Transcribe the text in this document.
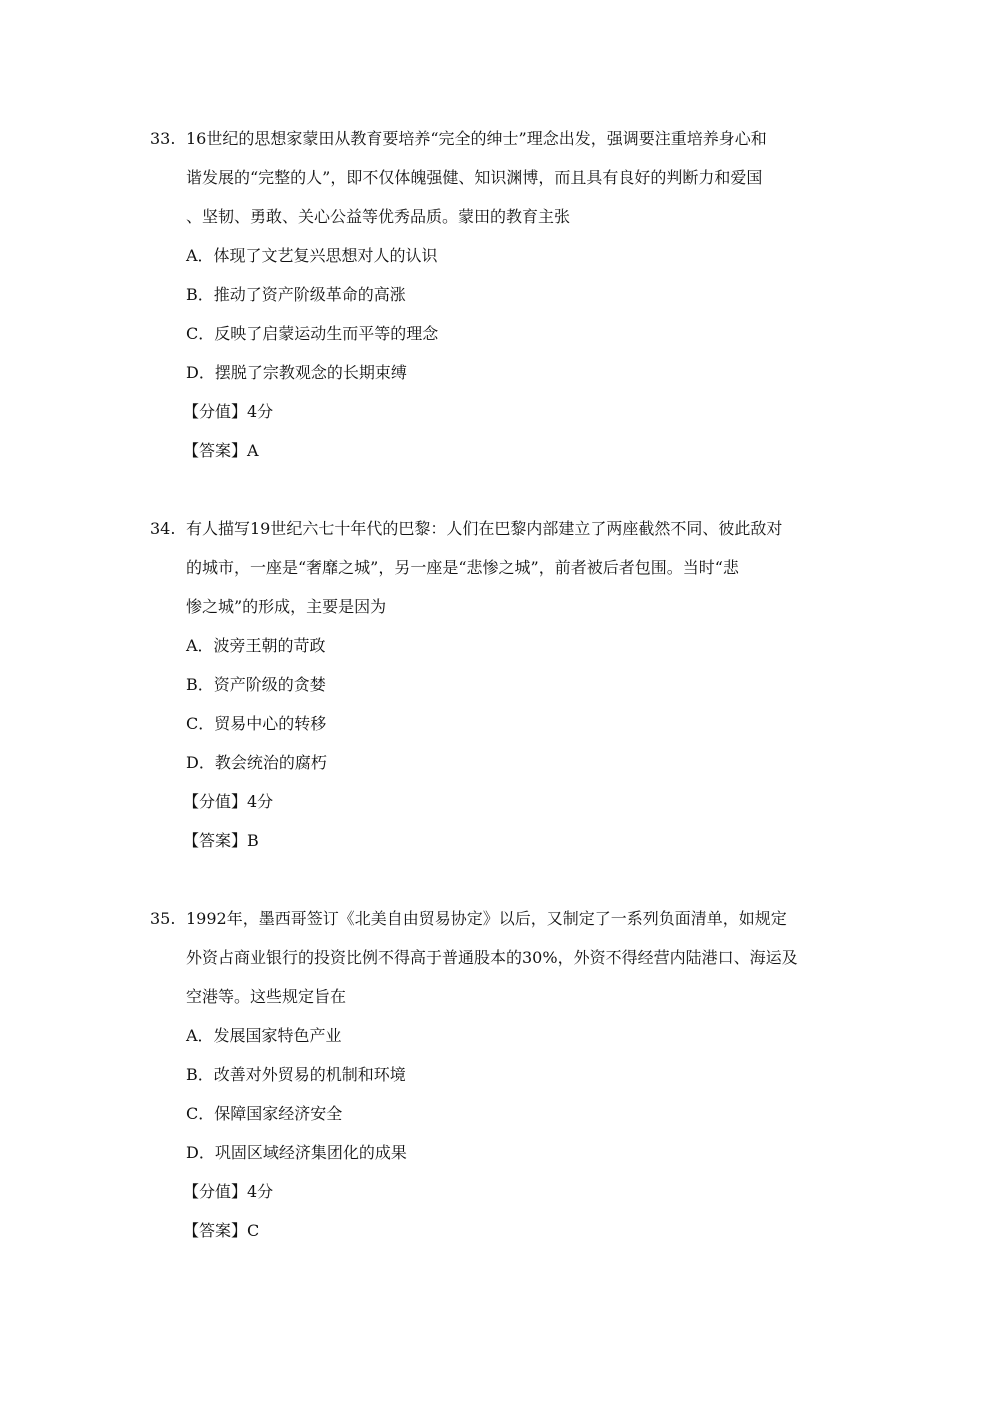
33. 16世纪的思想家蒙田从教育要培养“完全的绅士”理念出发，强调要注重培养身心和
谐发展的“完整的人”，即不仅体魄强健、知识渊博，而且具有良好的判断力和爱国
、坚韧、勇敢、关心公益等优秀品质。蒙田的教育主张
A．体现了文艺复兴思想对人的认识
B．推动了资产阶级革命的高涨
C．反映了启蒙运动生而平等的理念
D．摆脱了宗教观念的长期束缚
【分值】4分
【答案】A
34. 有人描写19世纪六七十年代的巴黎：人们在巴黎内部建立了两座截然不同、彼此敌对
的城市，一座是“奢靡之城”，另一座是“悲惨之城”，前者被后者包围。当时“悲
惨之城”的形成，主要是因为
A．波旁王朝的苛政
B．资产阶级的贪婪
C．贸易中心的转移
D．教会统治的腐朽
【分值】4分
【答案】B
35. 1992年，墨西哥签订《北美自由贸易协定》以后，又制定了一系列负面清单，如规定
外资占商业银行的投资比例不得高于普通股本的30%，外资不得经营内陆港口、海运及
空港等。这些规定旨在
A．发展国家特色产业
B．改善对外贸易的机制和环境
C．保障国家经济安全
D．巩固区域经济集团化的成果
【分值】4分
【答案】C
